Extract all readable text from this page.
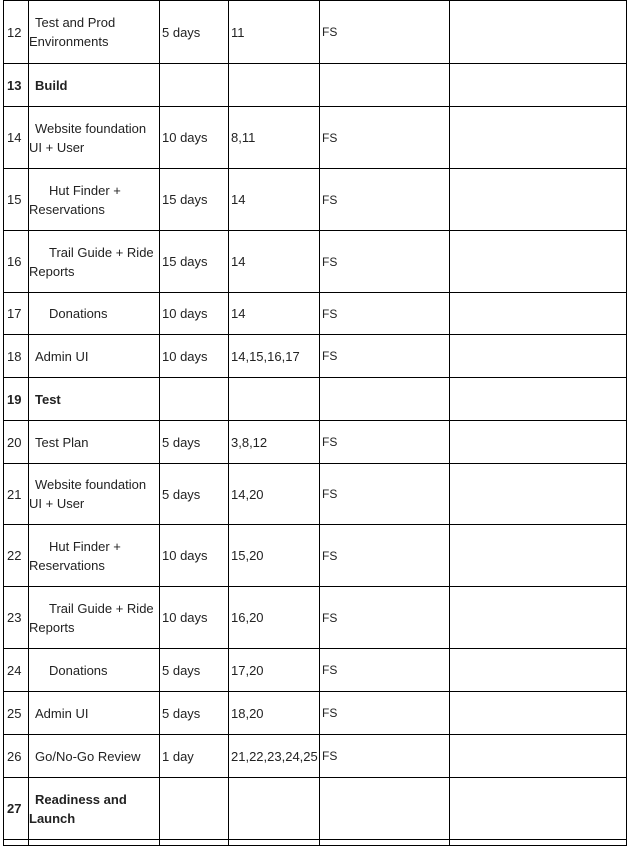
12	Test and Prod
Environments	5 days	11	FS	
13	Build				

14	Website foundation
UI + User	10 days	8,11	FS	
15	Hut Finder +
Reservations	15 days	14	FS	
16	Trail Guide + Ride
Reports	15 days	14	FS	
17	Donations	10 days	14	FS	
18	Admin UI	10 days	14,15,16,17	FS	
19	Test				

20	Test Plan	5 days	3,8,12	FS	
21	Website foundation
UI + User	5 days	14,20	FS	
22	Hut Finder +
Reservations	10 days	15,20	FS	
23	Trail Guide + Ride
Reports	10 days	16,20	FS	
24	Donations	5 days	17,20	FS	
25	Admin UI	5 days	18,20	FS	
26	Go/No-Go Review	1 day	21,22,23,24,25	FS	
27	Readiness and
Launch				
